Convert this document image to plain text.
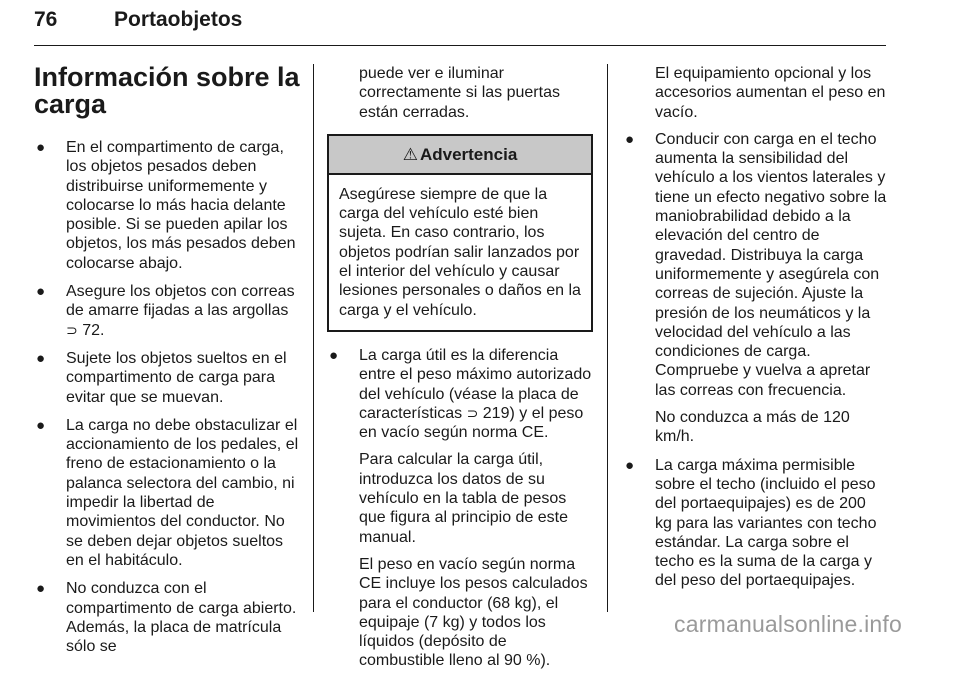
76	Portaobjetos
Información sobre la carga
● En el compartimento de carga, los objetos pesados deben distribuirse uniformemente y colocarse lo más hacia delante posible. Si se pueden apilar los objetos, los más pesados deben colocarse abajo.
● Asegure los objetos con correas de amarre fijadas a las argollas
⊃ 72.
● Sujete los objetos sueltos en el compartimento de carga para evitar que se muevan.
● La carga no debe obstaculizar el accionamiento de los pedales, el freno de estacionamiento o la palanca selectora del cambio, ni impedir la libertad de movimientos del conductor. No se deben dejar objetos sueltos en el habitáculo.
● No conduzca con el compartimento de carga abierto. Además, la placa de matrícula sólo se

puede ver e iluminar correctamente si las puertas están cerradas.

⚠ Advertencia
Asegúrese siempre de que la carga del vehículo esté bien sujeta. En caso contrario, los objetos podrían salir lanzados por el interior del vehículo y causar lesiones personales o daños en la carga y el vehículo.
● La carga útil es la diferencia entre el peso máximo autorizado del vehículo (véase la placa de características ⊃ 219) y el peso en vacío según norma CE.

Para calcular la carga útil, introduzca los datos de su vehículo en la tabla de pesos que figura al principio de este manual.

El peso en vacío según norma CE incluye los pesos calculados para el conductor (68 kg), el equipaje (7 kg) y todos los líquidos (depósito de combustible lleno al 90 %).

El equipamiento opcional y los accesorios aumentan el peso en vacío.

● Conducir con carga en el techo aumenta la sensibilidad del vehículo a los vientos laterales y tiene un efecto negativo sobre la maniobrabilidad debido a la elevación del centro de gravedad. Distribuya la carga uniformemente y asegúrela con correas de sujeción. Ajuste la presión de los neumáticos y la velocidad del vehículo a las condiciones de carga. Compruebe y vuelva a apretar las correas con frecuencia.

No conduzca a más de 120 km/h.

● La carga máxima permisible sobre el techo (incluido el peso del portaequipajes) es de 200 kg para las variantes con techo estándar. La carga sobre el techo es la suma de la carga y del peso del portaequipajes.
carmanualsonline.info
